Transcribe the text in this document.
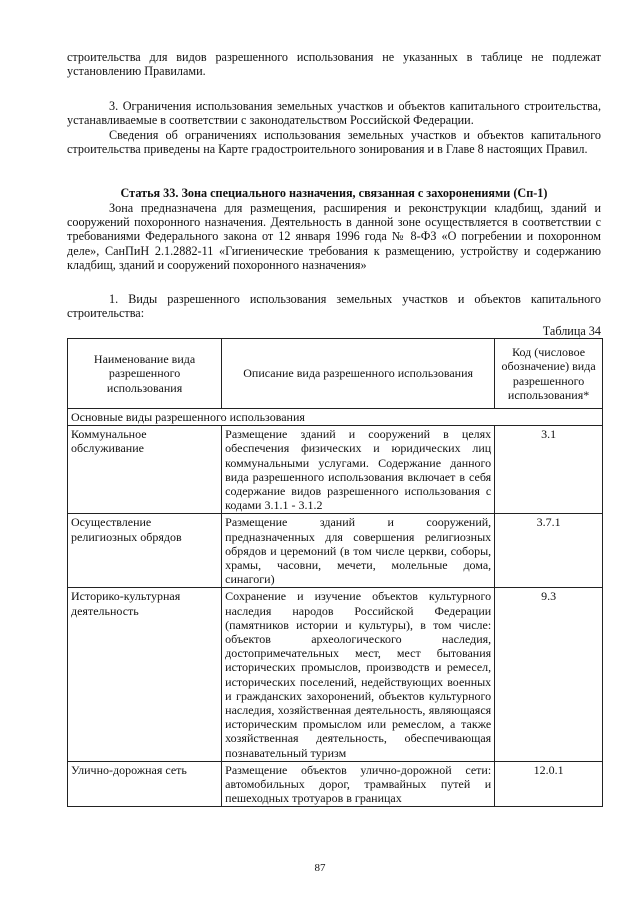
строительства для видов разрешенного использования не указанных в таблице не подлежат установлению Правилами.

3. Ограничения использования земельных участков и объектов капитального строительства, устанавливаемые в соответствии с законодательством Российской Федерации.

Сведения об ограничениях использования земельных участков и объектов капитального строительства приведены на Карте градостроительного зонирования и в Главе 8 настоящих Правил.

Статья 33. Зона специального назначения, связанная с захоронениями (Сп-1)

Зона предназначена для размещения, расширения и реконструкции кладбищ, зданий и сооружений похоронного назначения. Деятельность в данной зоне осуществляется в соответствии с требованиями Федерального закона от 12 января 1996 года № 8-ФЗ «О погребении и похоронном деле», СанПиН 2.1.2882-11 «Гигиенические требования к размещению, устройству и содержанию кладбищ, зданий и сооружений похоронного назначения»

1. Виды разрешенного использования земельных участков и объектов капитального строительства:

Таблица 34
Наименование вида разрешенного использования	Описание вида разрешенного использования	Код (числовое обозначение) вида разрешенного использования*
Основные виды разрешенного использования		
Коммунальное обслуживание	Размещение зданий и сооружений в целях обеспечения физических и юридических лиц коммунальными услугами. Содержание данного вида разрешенного использования включает в себя содержание видов разрешенного использования с кодами 3.1.1 - 3.1.2	3.1
Осуществление религиозных обрядов	Размещение зданий и сооружений, предназначенных для совершения религиозных обрядов и церемоний (в том числе церкви, соборы, храмы, часовни, мечети, молельные дома, синагоги)	3.7.1
Историко-культурная деятельность	Сохранение и изучение объектов культурного наследия народов Российской Федерации (памятников истории и культуры), в том числе: объектов археологического наследия, достопримечательных мест, мест бытования исторических промыслов, производств и ремесел, исторических поселений, недействующих военных и гражданских захоронений, объектов культурного наследия, хозяйственная деятельность, являющаяся историческим промыслом или ремеслом, а также хозяйственная деятельность, обеспечивающая познавательный туризм	9.3
Улично-дорожная сеть	Размещение объектов улично-дорожной сети: автомобильных дорог, трамвайных путей и пешеходных тротуаров в границах	12.0.1
87
